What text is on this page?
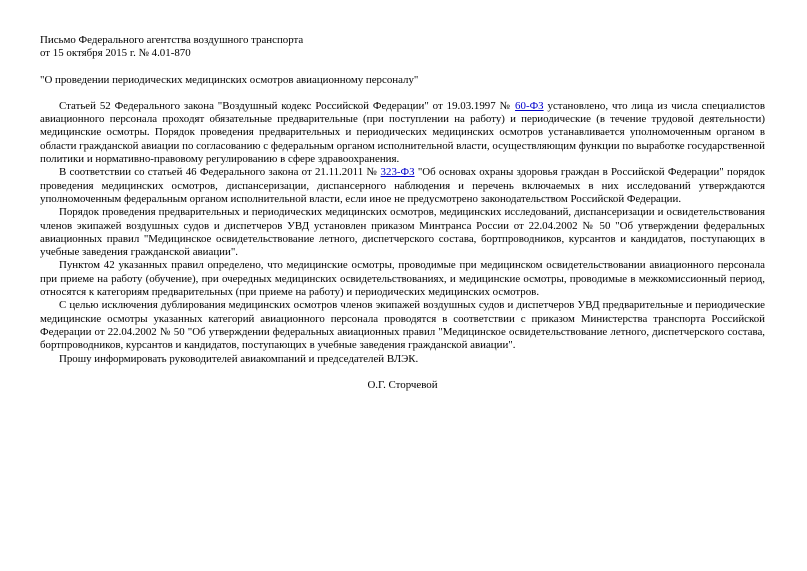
Письмо Федерального агентства воздушного транспорта

от 15 октября 2015 г. № 4.01-870

"О проведении периодических медицинских осмотров авиационному персоналу"

Статьей 52 Федерального закона "Воздушный кодекс Российской Федерации" от 19.03.1997 № 60-ФЗ установлено, что лица из числа специалистов авиационного персонала проходят обязательные предварительные (при поступлении на работу) и периодические (в течение трудовой деятельности) медицинские осмотры. Порядок проведения предварительных и периодических медицинских осмотров устанавливается уполномоченным органом в области гражданской авиации по согласованию с федеральным органом исполнительной власти, осуществляющим функции по выработке государственной политики и нормативно-правовому регулированию в сфере здравоохранения.

В соответствии со статьей 46 Федерального закона от 21.11.2011 № 323-ФЗ "Об основах охраны здоровья граждан в Российской Федерации" порядок проведения медицинских осмотров, диспансеризации, диспансерного наблюдения и перечень включаемых в них исследований утверждаются уполномоченным федеральным органом исполнительной власти, если иное не предусмотрено законодательством Российской Федерации.

Порядок проведения предварительных и периодических медицинских осмотров, медицинских исследований, диспансеризации и освидетельствования членов экипажей воздушных судов и диспетчеров УВД установлен приказом Минтранса России от 22.04.2002 № 50 "Об утверждении федеральных авиационных правил "Медицинское освидетельствование летного, диспетчерского состава, бортпроводников, курсантов и кандидатов, поступающих в учебные заведения гражданской авиации".

Пунктом 42 указанных правил определено, что медицинские осмотры, проводимые при медицинском освидетельствовании авиационного персонала при приеме на работу (обучение), при очередных медицинских освидетельствованиях, и медицинские осмотры, проводимые в межкомиссионный период, относятся к категориям предварительных (при приеме на работу) и периодических медицинских осмотров.

С целью исключения дублирования медицинских осмотров членов экипажей воздушных судов и диспетчеров УВД предварительные и периодические медицинские осмотры указанных категорий авиационного персонала проводятся в соответствии с приказом Министерства транспорта Российской Федерации от 22.04.2002 № 50 "Об утверждении федеральных авиационных правил "Медицинское освидетельствование летного, диспетчерского состава, бортпроводников, курсантов и кандидатов, поступающих в учебные заведения гражданской авиации".

Прошу информировать руководителей авиакомпаний и председателей ВЛЭК.

О.Г. Сторчевой
